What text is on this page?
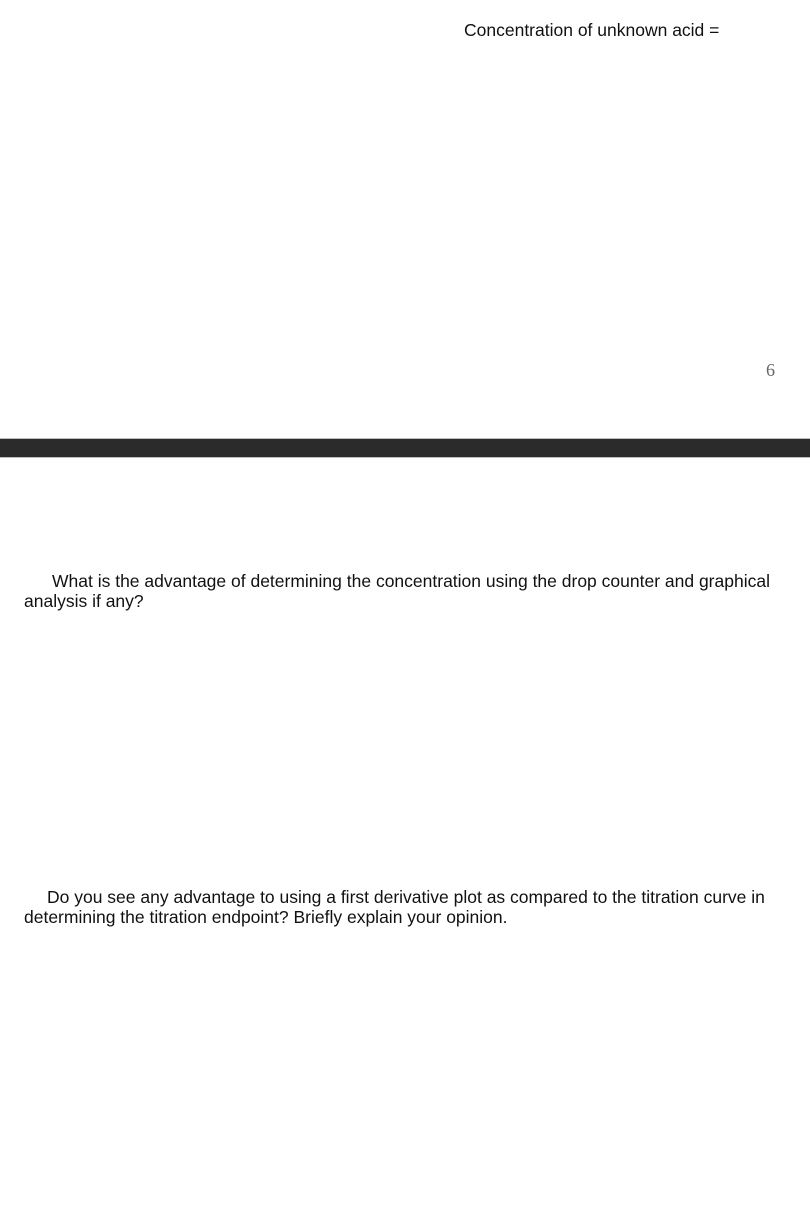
Concentration of unknown acid =
6
What is the advantage of determining the concentration using the drop counter and graphical analysis if any?
Do you see any advantage to using a first derivative plot as compared to the titration curve in determining the titration endpoint? Briefly explain your opinion.
